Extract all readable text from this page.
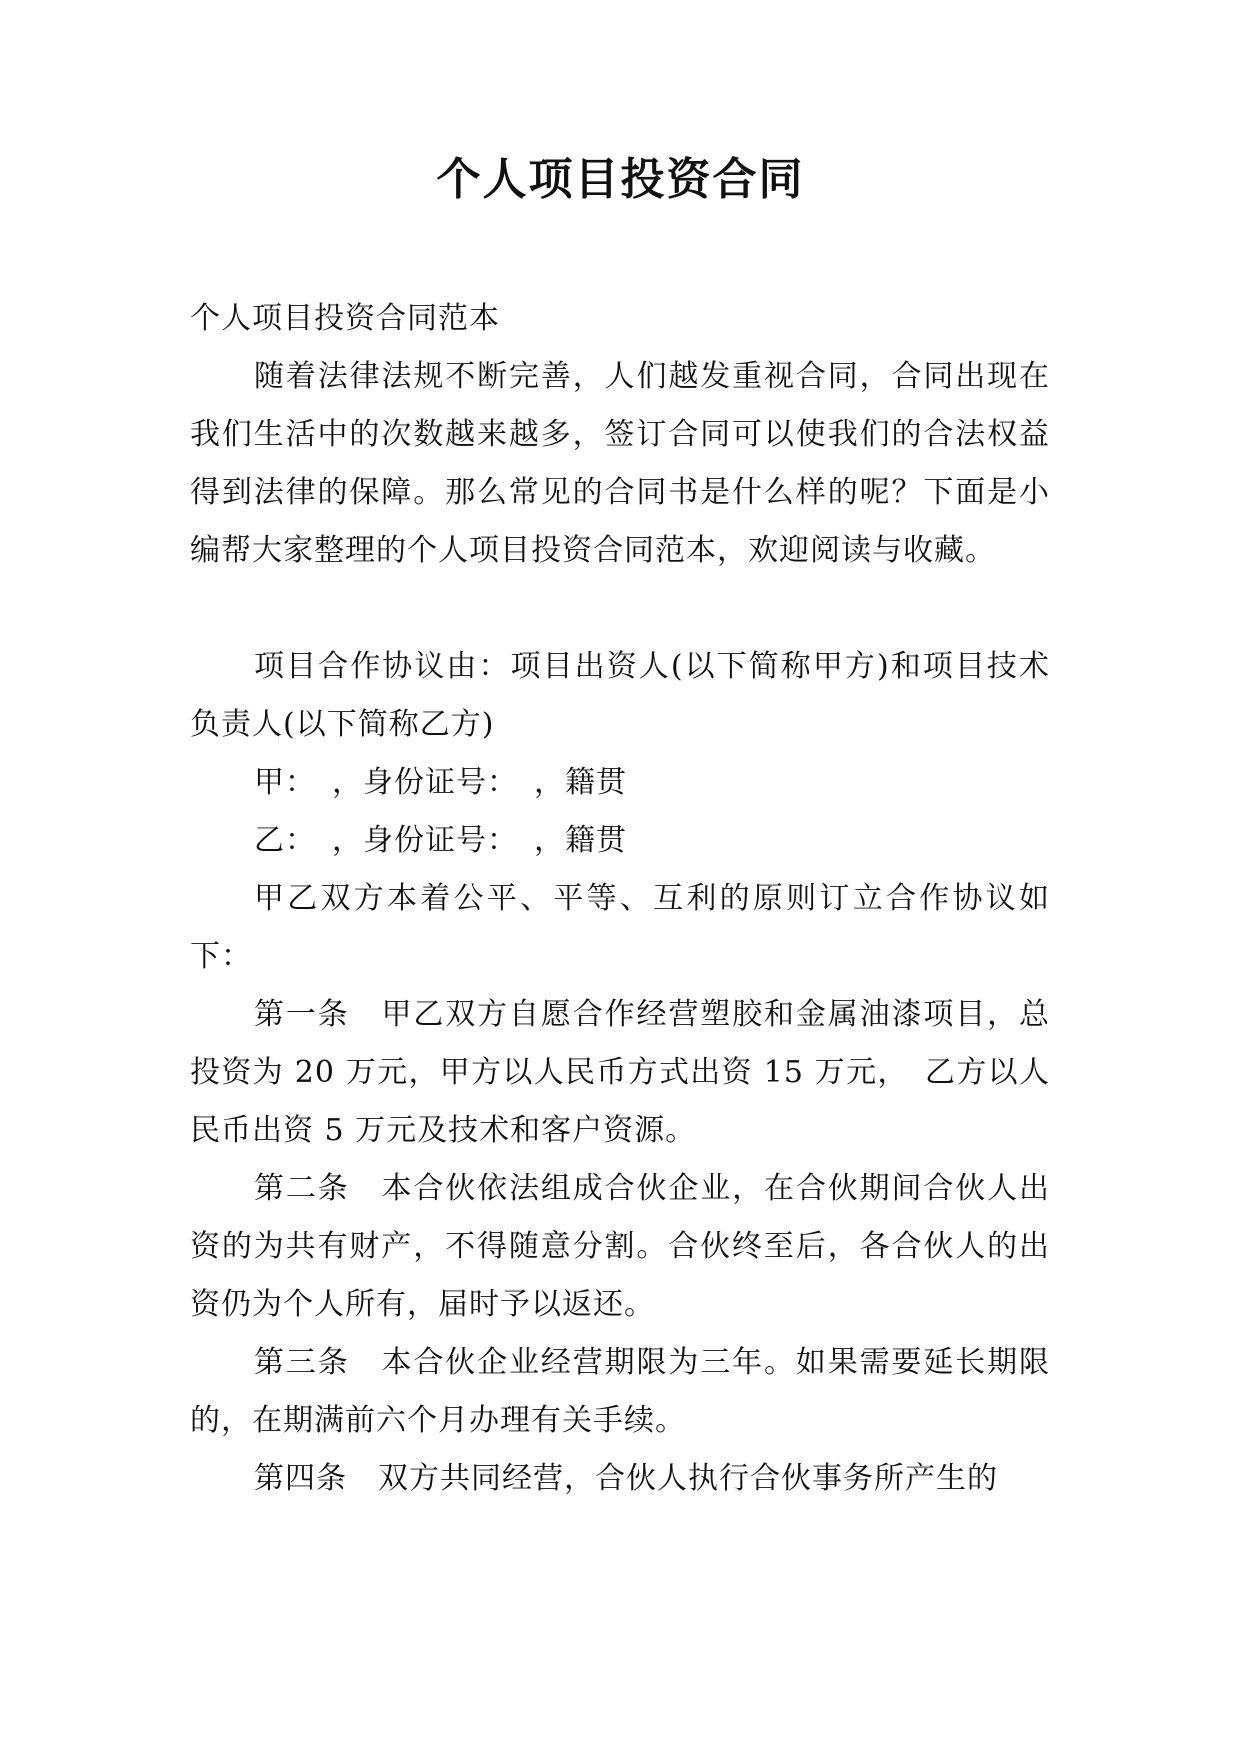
个人项目投资合同

个人项目投资合同范本

随着法律法规不断完善，人们越发重视合同，合同出现在我们生活中的次数越来越多，签订合同可以使我们的合法权益得到法律的保障。那么常见的合同书是什么样的呢？下面是小编帮大家整理的个人项目投资合同范本，欢迎阅读与收藏。

项目合作协议由：项目出资人(以下简称甲方)和项目技术负责人(以下简称乙方)

甲：　，身份证号：　，籍贯

乙：　，身份证号：　，籍贯

甲乙双方本着公平、平等、互利的原则订立合作协议如下：

第一条　甲乙双方自愿合作经营塑胶和金属油漆项目，总投资为 20 万元，甲方以人民币方式出资 15 万元，　乙方以人民币出资 5 万元及技术和客户资源。

第二条　本合伙依法组成合伙企业，在合伙期间合伙人出资的为共有财产，不得随意分割。合伙终至后，各合伙人的出资仍为个人所有，届时予以返还。

第三条　本合伙企业经营期限为三年。如果需要延长期限的，在期满前六个月办理有关手续。

第四条　双方共同经营，合伙人执行合伙事务所产生的
